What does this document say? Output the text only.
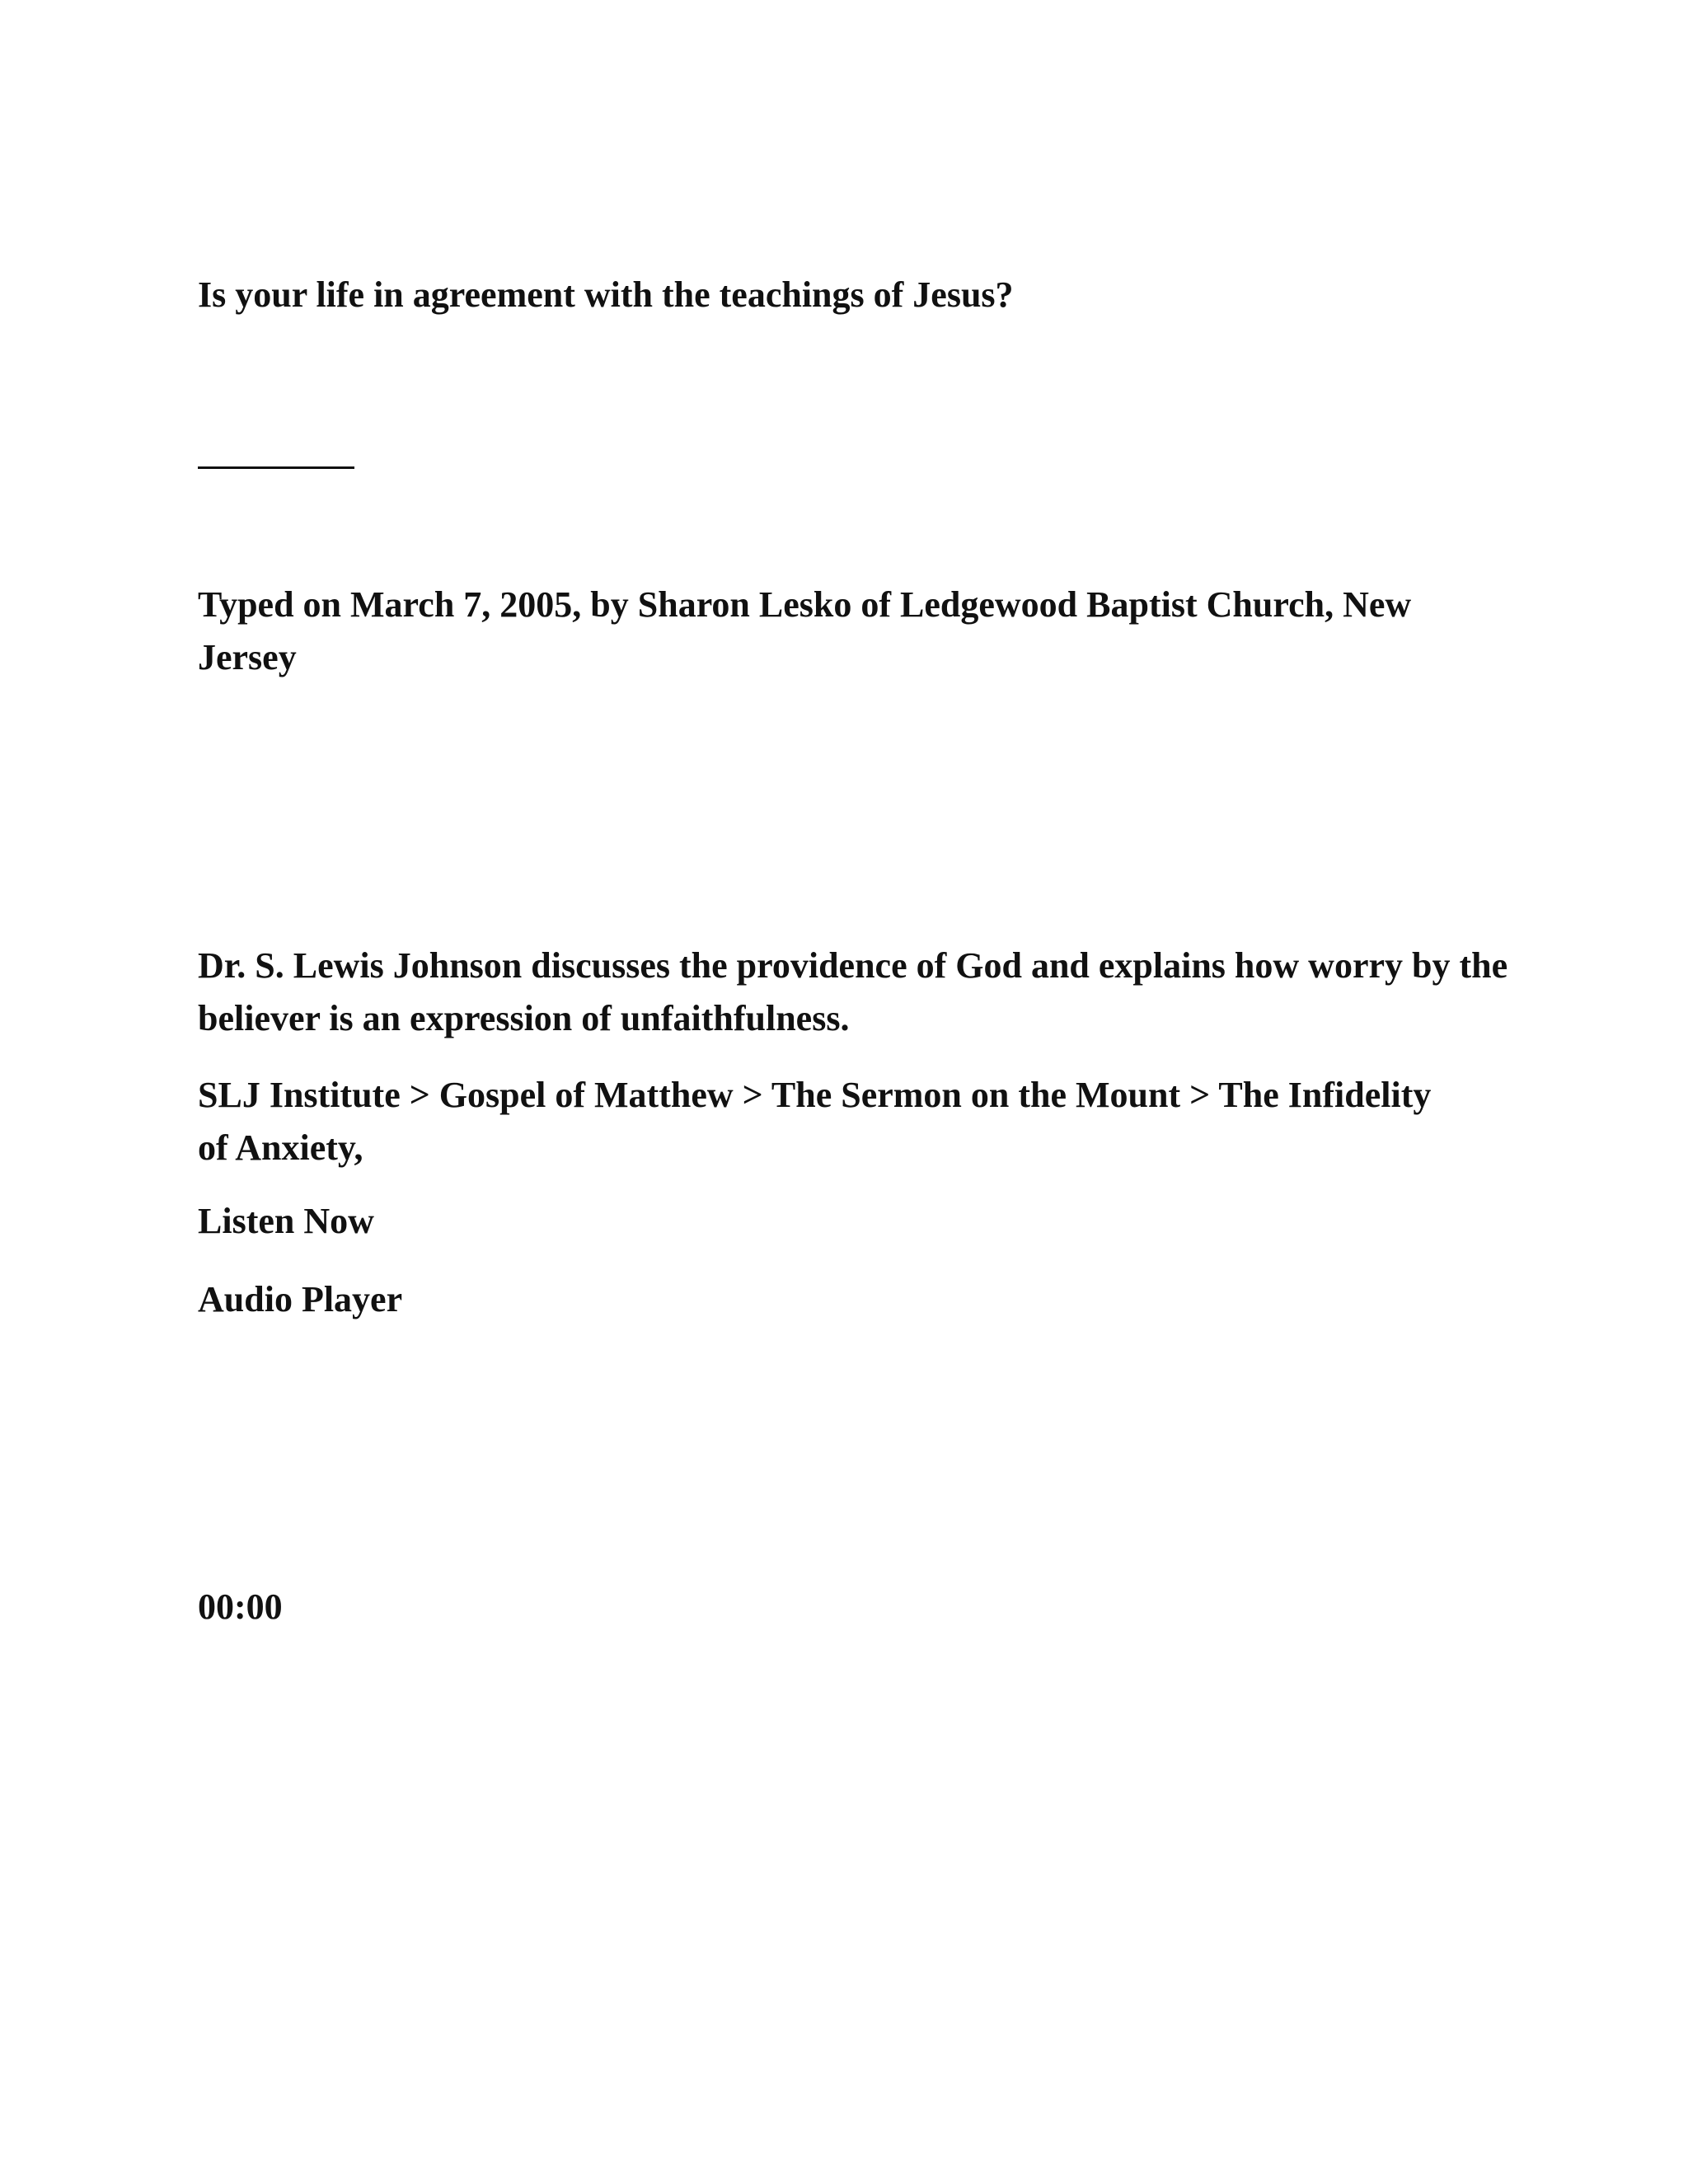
Is your life in agreement with the teachings of Jesus?
Typed on March 7, 2005, by Sharon Lesko of Ledgewood Baptist Church, New Jersey
Dr. S. Lewis Johnson discusses the providence of God and explains how worry by the believer is an expression of unfaithfulness.
SLJ Institute > Gospel of Matthew > The Sermon on the Mount > The Infidelity of Anxiety,
Listen Now
Audio Player
00:00
